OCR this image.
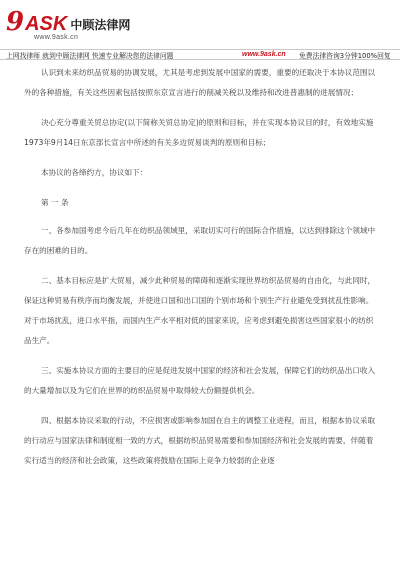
9 ASK 中顾法律网
www.9ask.cn
上网找律师 就到中顾法律网 快速专业解决您的法律问题	www.9ask.cn 免费法律咨询3分钟100%回复

认识到未来纺织品贸易的协调发展，尤其是考虑到发展中国家的需要，重要的还取决于本协议范围以外的各种措施，有关这些因素包括按照东京宣言进行的削减关税以及维持和改进普惠制的进展情况；

决心充分尊重关贸总协定(以下简称关贸总协定)的原则和目标，并在实现本协议目的时，有效地实施1973年9月14日东京部长宣言中所述的有关多边贸易谈判的原则和目标；

本协议的各缔约方，协议如下：

第 一 条

一、各参加国考虑今后几年在纺织品领域里，采取切实可行的国际合作措施，以达到排除这个领域中存在的困难的目的。

二、基本目标应是扩大贸易，减少此种贸易的障碍和逐渐实现世界纺织品贸易的自由化，与此同时，保证这种贸易有秩序而均衡发展，并使进口国和出口国的个别市场和个别生产行业避免受到扰乱性影响。对于市场扰乱，进口水平指，而国内生产水平相对低的国家来说，应考虑到避免损害这些国家很小的纺织品生产。

三、实施本协议方面的主要目的应是促进发展中国家的经济和社会发展，保障它们的纺织品出口收入的大量增加以及为它们在世界的纺织品贸易中取得较大份额提供机会。

四、根据本协议采取的行动，不应损害或影响参加国在自主的调整工业进程，而且，根据本协议采取的行动应与国家法律和制度相一致的方式，根据纺织品贸易需要和参加国经济和社会发展的需要，伴随着实行适当的经济和社会政策，这些政策将鼓励在国际上竞争力较弱的企业逐
